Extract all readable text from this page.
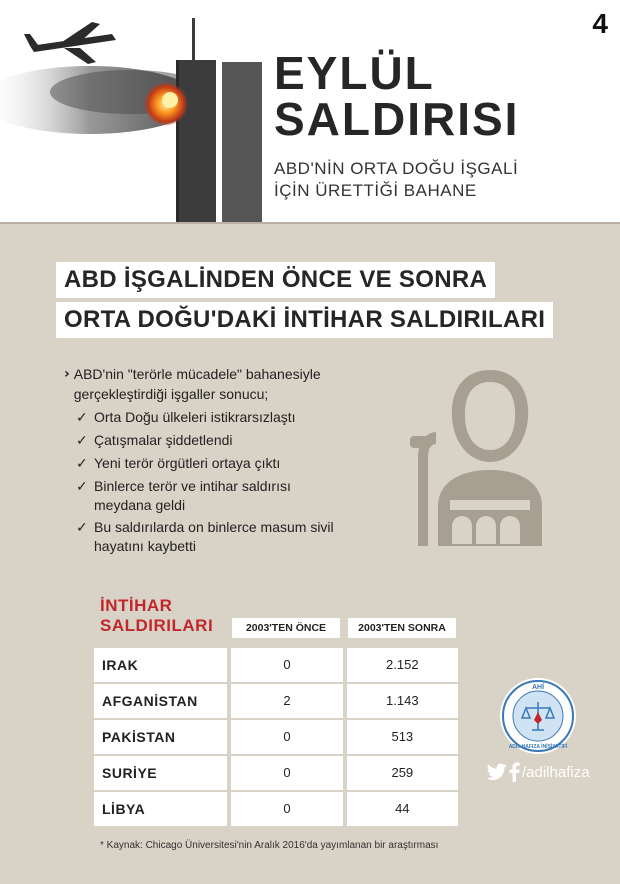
4
EYLÜL
SALDIRISI
ABD'NİN ORTA DOĞU İŞGALİ
İÇİN ÜRETTİĞİ BAHANE
ABD İŞGALİNDEN ÖNCE VE SONRA
ORTA DOĞU'DAKİ İNTİHAR SALDIRILARI
› ABD'nin "terörle mücadele" bahanesiyle gerçekleştirdiği işgaller sonucu;
✓ Orta Doğu ülkeleri istikrarsızlaştı
✓ Çatışmalar şiddetlendi
✓ Yeni terör örgütleri ortaya çıktı
✓ Binlerce terör ve intihar saldırısı meydana geldi
✓ Bu saldırılarda on binlerce masum sivil hayatını kaybetti
İNTİHAR
SALDIRILARI	2003'TEN ÖNCE	2003'TEN SONRA
IRAK	0	2.152
AFGANİSTAN	2	1.143
PAKİSTAN	0	513
SURİYE	0	259
LİBYA	0	44
AHİ
ADİL HAFIZA İNİSİYATİFİ
/adilhafiza
* Kaynak: Chicago Üniversitesi'nin Aralık 2016'da yayımlanan bir araştırması
